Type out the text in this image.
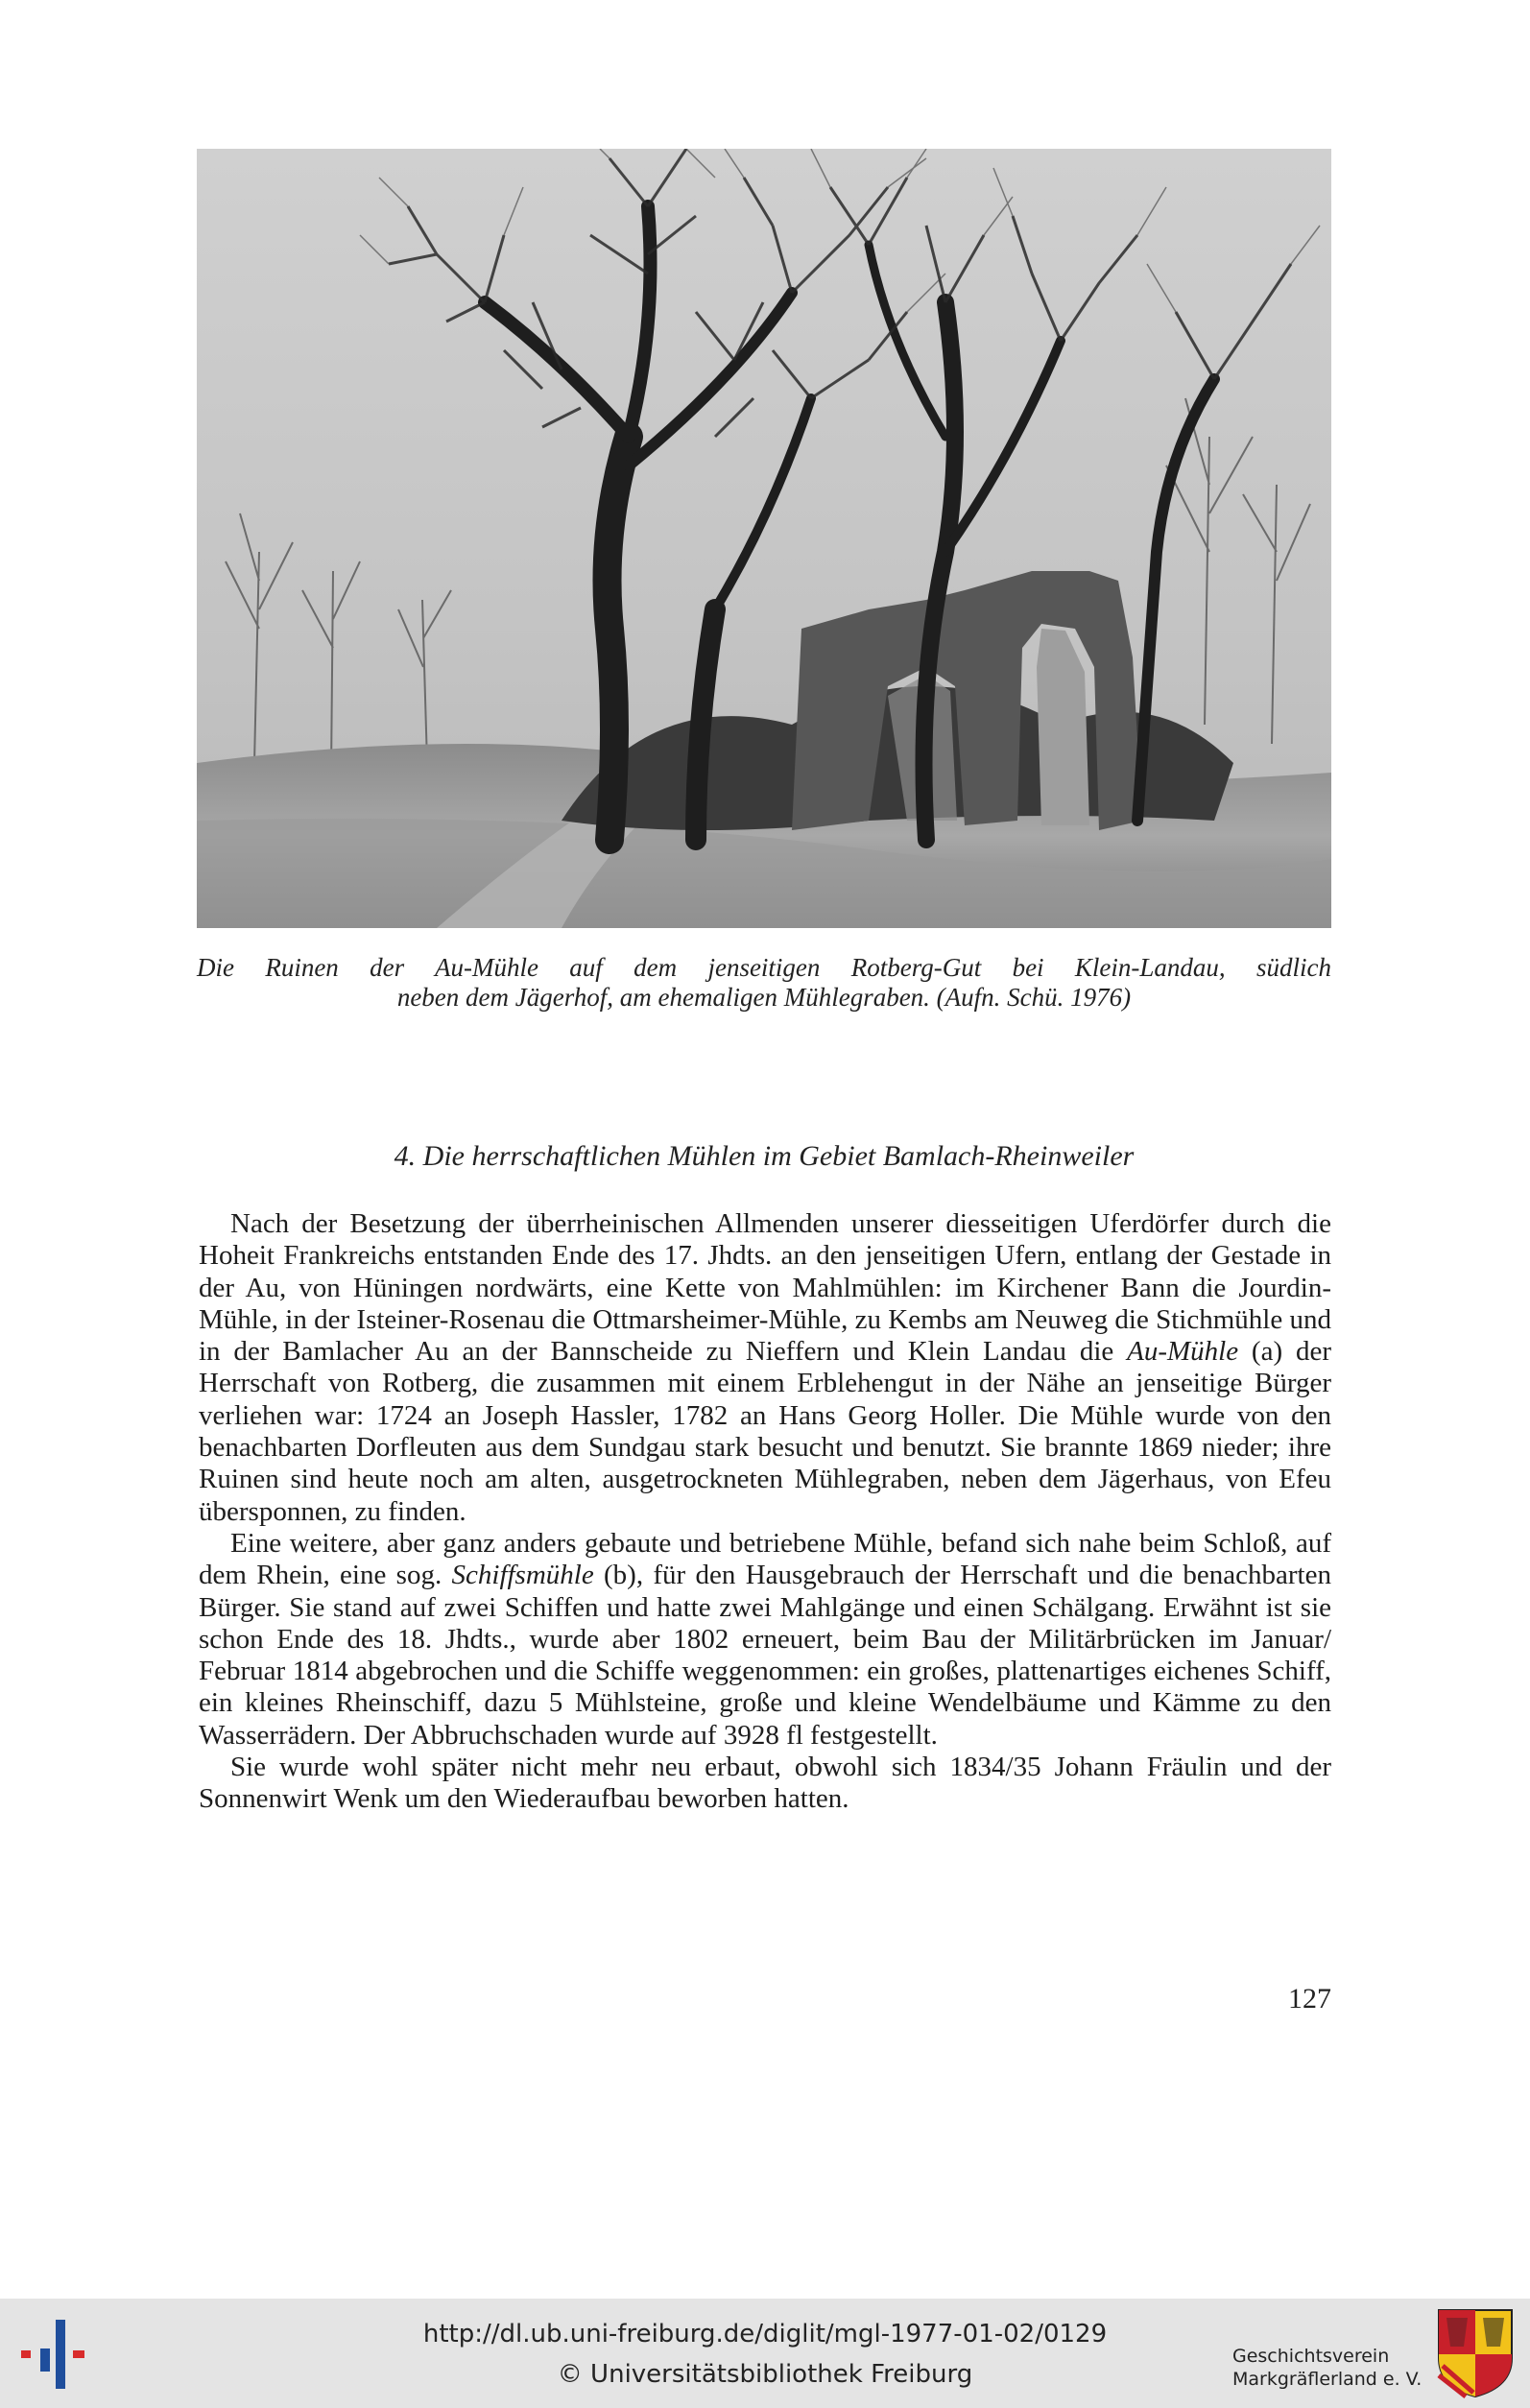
Die Ruinen der Au-Mühle auf dem jenseitigen Rotberg-Gut bei Klein-Landau, südlich
neben dem Jägerhof, am ehemaligen Mühlegraben. (Aufn. Schü. 1976)
4. Die herrschaftlichen Mühlen im Gebiet Bamlach-Rheinweiler

Nach der Besetzung der überrheinischen Allmenden unserer diesseitigen Uferdörfer durch die Hoheit Frankreichs entstanden Ende des 17. Jhdts. an den jenseitigen Ufern, entlang der Gestade in der Au, von Hüningen nordwärts, eine Kette von Mahlmühlen: im Kirchener Bann die Jourdin-Mühle, in der Isteiner-Rosenau die Ottmarsheimer-Mühle, zu Kembs am Neuweg die Stichmühle und in der Bamlacher Au an der Bannscheide zu Nieffern und Klein Landau die Au-Mühle (a) der Herrschaft von Rotberg, die zusammen mit einem Erblehengut in der Nähe an jenseitige Bürger verliehen war: 1724 an Joseph Hassler, 1782 an Hans Georg Holler. Die Mühle wurde von den benachbarten Dorfleuten aus dem Sundgau stark besucht und benutzt. Sie brannte 1869 nieder; ihre Ruinen sind heute noch am alten, ausgetrockneten Mühlegraben, neben dem Jägerhaus, von Efeu übersponnen, zu finden.

Eine weitere, aber ganz anders gebaute und betriebene Mühle, befand sich nahe beim Schloß, auf dem Rhein, eine sog. Schiffsmühle (b), für den Hausgebrauch der Herrschaft und die benachbarten Bürger. Sie stand auf zwei Schiffen und hatte zwei Mahlgänge und einen Schälgang. Erwähnt ist sie schon Ende des 18. Jhdts., wurde aber 1802 erneuert, beim Bau der Militärbrücken im Januar/ Februar 1814 abgebrochen und die Schiffe weggenommen: ein großes, plattenartiges eichenes Schiff, ein kleines Rheinschiff, dazu 5 Mühlsteine, große und kleine Wendelbäume und Kämme zu den Wasserrädern. Der Abbruchschaden wurde auf 3928 fl festgestellt.

Sie wurde wohl später nicht mehr neu erbaut, obwohl sich 1834/35 Johann Fräulin und der Sonnenwirt Wenk um den Wiederaufbau beworben hatten.

127
http://dl.ub.uni-freiburg.de/diglit/mgl-1977-01-02/0129
© Universitätsbibliothek Freiburg
Geschichtsverein
Markgräflerland e. V.
